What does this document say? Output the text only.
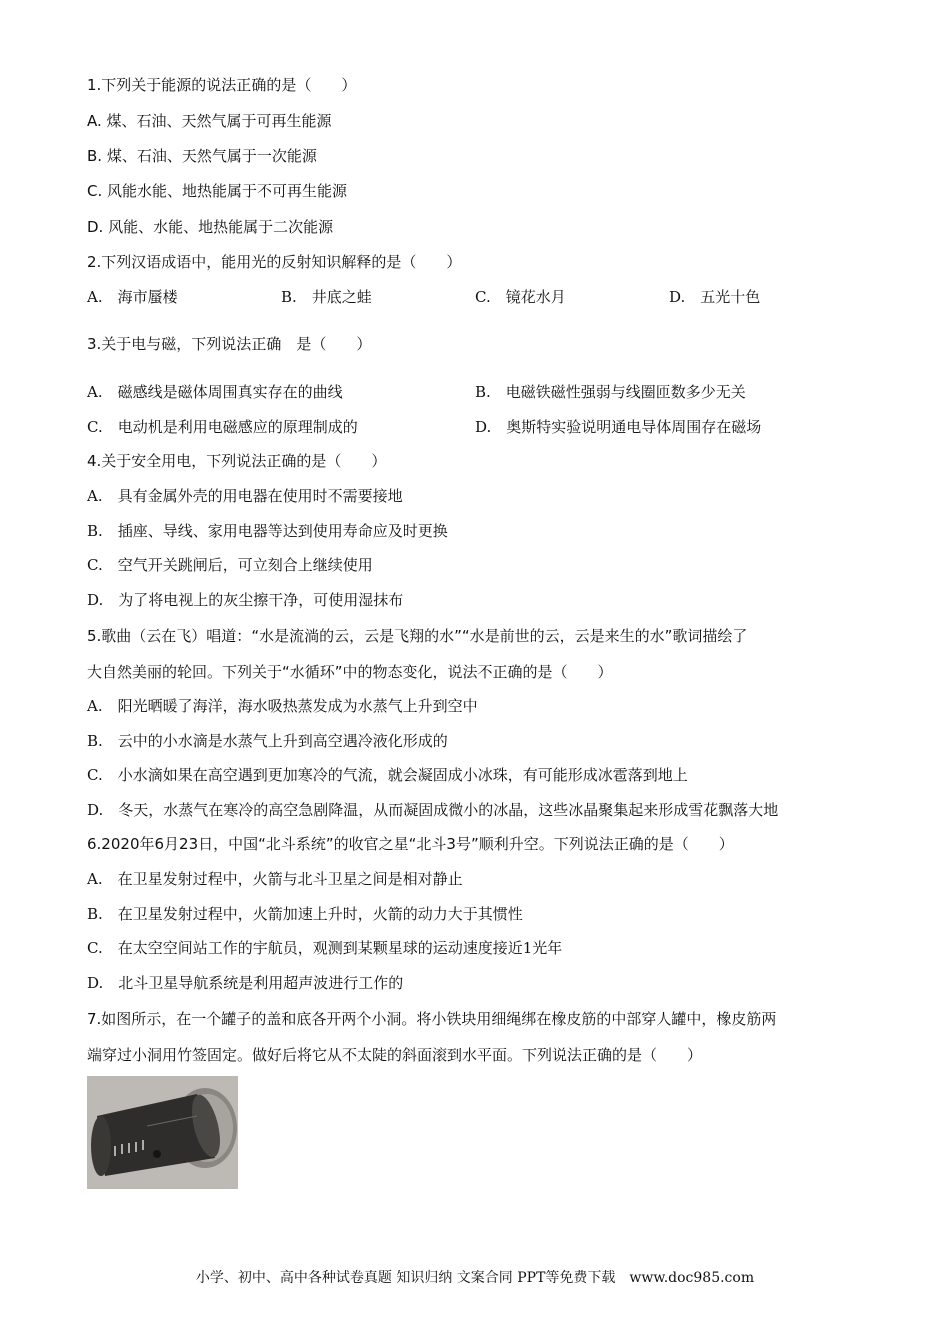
1.下列关于能源的说法正确的是（　　）
A. 煤、石油、天然气属于可再生能源
B. 煤、石油、天然气属于一次能源
C. 风能水能、地热能属于不可再生能源
D. 风能、水能、地热能属于二次能源
2.下列汉语成语中，能用光的反射知识解释的是（　　）
A.　海市蜃楼	B.　井底之蛙	C.　镜花水月	D.　五光十色
3.关于电与磁，下列说法正确　是（　　）
A.　磁感线是磁体周围真实存在的曲线	B.　电磁铁磁性强弱与线圈匝数多少无关
C.　电动机是利用电磁感应的原理制成的	D.　奥斯特实验说明通电导体周围存在磁场
4.关于安全用电，下列说法正确的是（　　）
A.　具有金属外壳的用电器在使用时不需要接地
B.　插座、导线、家用电器等达到使用寿命应及时更换
C.　空气开关跳闸后，可立刻合上继续使用
D.　为了将电视上的灰尘擦干净，可使用湿抹布
5.歌曲（云在飞）唱道：“水是流淌的云，云是飞翔的水”“水是前世的云，云是来生的水”歌词描绘了
大自然美丽的轮回。下列关于“水循环”中的物态变化，说法不正确的是（　　）
A.　阳光晒暖了海洋，海水吸热蒸发成为水蒸气上升到空中
B.　云中的小水滴是水蒸气上升到高空遇冷液化形成的
C.　小水滴如果在高空遇到更加寒冷的气流，就会凝固成小冰珠，有可能形成冰雹落到地上
D.　冬天，水蒸气在寒冷的高空急剧降温，从而凝固成微小的冰晶，这些冰晶聚集起来形成雪花飘落大地
6.2020年6月23日，中国“北斗系统”的收官之星“北斗3号”顺利升空。下列说法正确的是（　　）
A.　在卫星发射过程中，火箭与北斗卫星之间是相对静止
B.　在卫星发射过程中，火箭加速上升时，火箭的动力大于其惯性
C.　在太空空间站工作的宇航员，观测到某颗星球的运动速度接近1光年
D.　北斗卫星导航系统是利用超声波进行工作的
7.如图所示，在一个罐子的盖和底各开两个小洞。将小铁块用细绳绑在橡皮筋的中部穿人罐中，橡皮筋两
端穿过小洞用竹签固定。做好后将它从不太陡的斜面滚到水平面。下列说法正确的是（　　）
小学、初中、高中各种试卷真题 知识归纳 文案合同 PPT等免费下载　www.doc985.com
